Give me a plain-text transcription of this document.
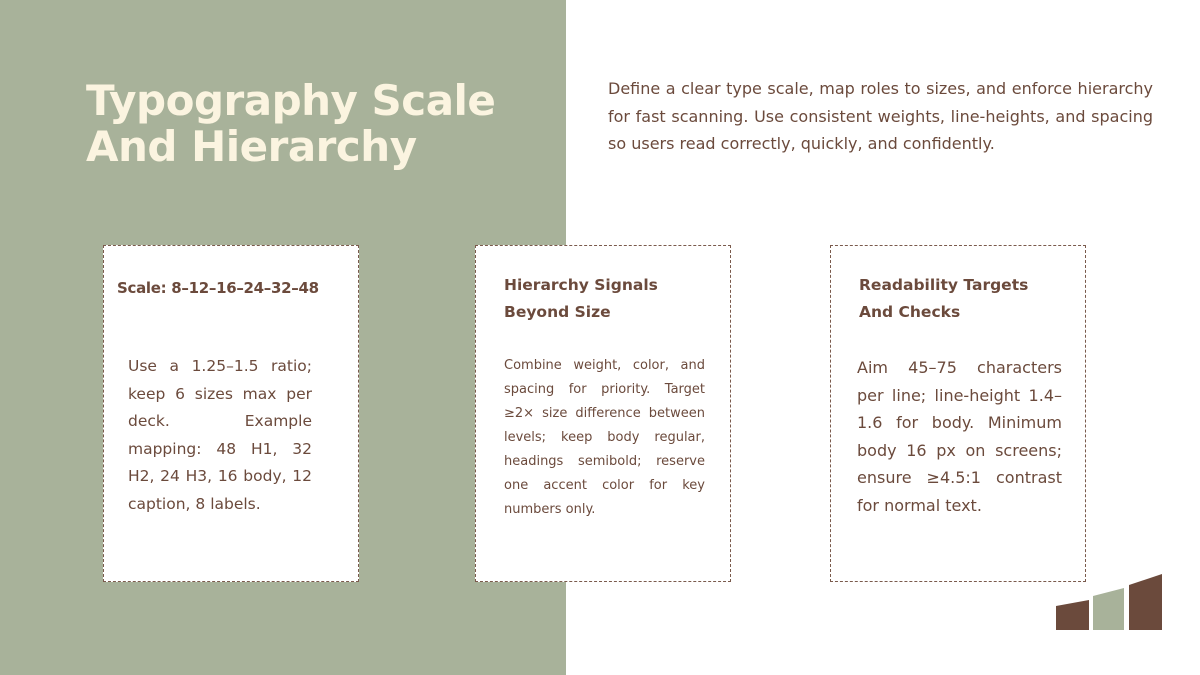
Typography Scale
And Hierarchy

Define a clear type scale, map roles to sizes, and enforce hierarchy for fast scanning. Use consistent weights, line-heights, and spacing so users read correctly, quickly, and confidently.

Scale: 8–12–16–24–32–48

Use a 1.25–1.5 ratio; keep 6 sizes max per deck. Example mapping: 48 H1, 32 H2, 24 H3, 16 body, 12 caption, 8 labels.

Hierarchy Signals Beyond Size

Combine weight, color, and spacing for priority. Target ≥2× size difference between levels; keep body regular, headings semibold; reserve one accent color for key numbers only.

Readability Targets And Checks

Aim 45–75 characters per line; line-height 1.4–1.6 for body. Minimum body 16 px on screens; ensure ≥4.5:1 contrast for normal text.
